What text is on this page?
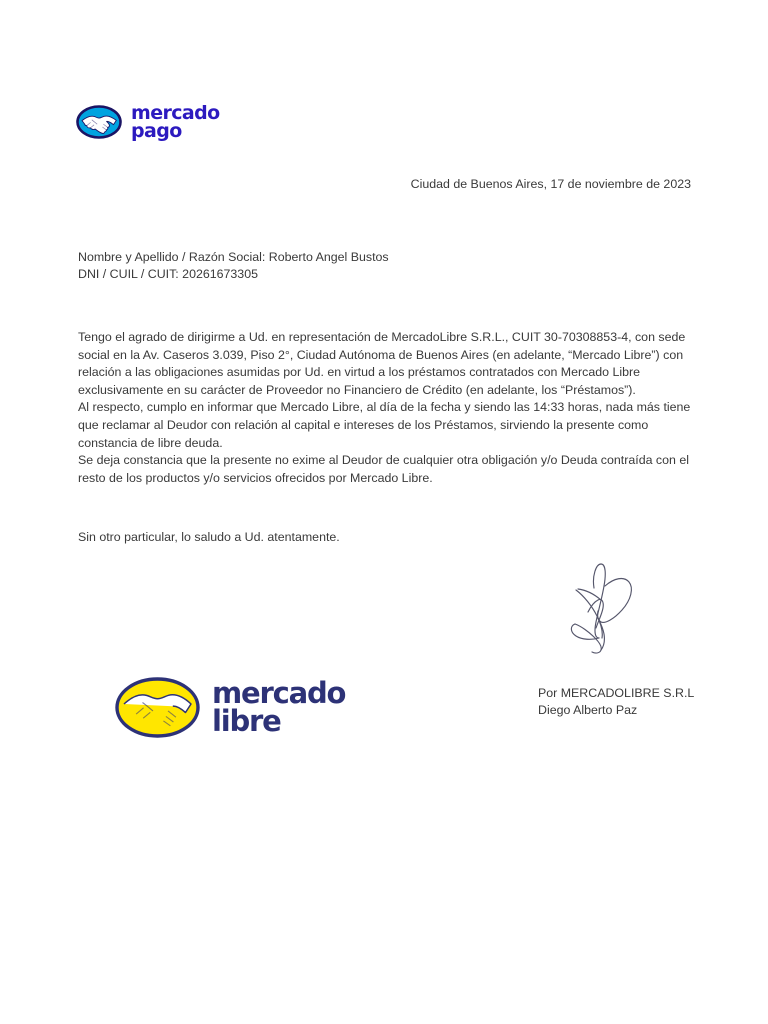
mercado
pago
Ciudad de Buenos Aires, 17 de noviembre de 2023
Nombre y Apellido / Razón Social: Roberto Angel Bustos
DNI / CUIL / CUIT: 20261673305

Tengo el agrado de dirigirme a Ud. en representación de MercadoLibre S.R.L., CUIT 30-70308853-4, con sede social en la Av. Caseros 3.039, Piso 2°, Ciudad Autónoma de Buenos Aires (en adelante, “Mercado Libre”) con relación a las obligaciones asumidas por Ud. en virtud a los préstamos contratados con Mercado Libre exclusivamente en su carácter de Proveedor no Financiero de Crédito (en adelante, los “Préstamos”).

Al respecto, cumplo en informar que Mercado Libre, al día de la fecha y siendo las 14:33 horas, nada más tiene que reclamar al Deudor con relación al capital e intereses de los Préstamos, sirviendo la presente como constancia de libre deuda.

Se deja constancia que la presente no exime al Deudor de cualquier otra obligación y/o Deuda contraída con el resto de los productos y/o servicios ofrecidos por Mercado Libre.

Sin otro particular, lo saludo a Ud. atentamente.
Por MERCADOLIBRE S.R.L
Diego Alberto Paz
mercado
libre
